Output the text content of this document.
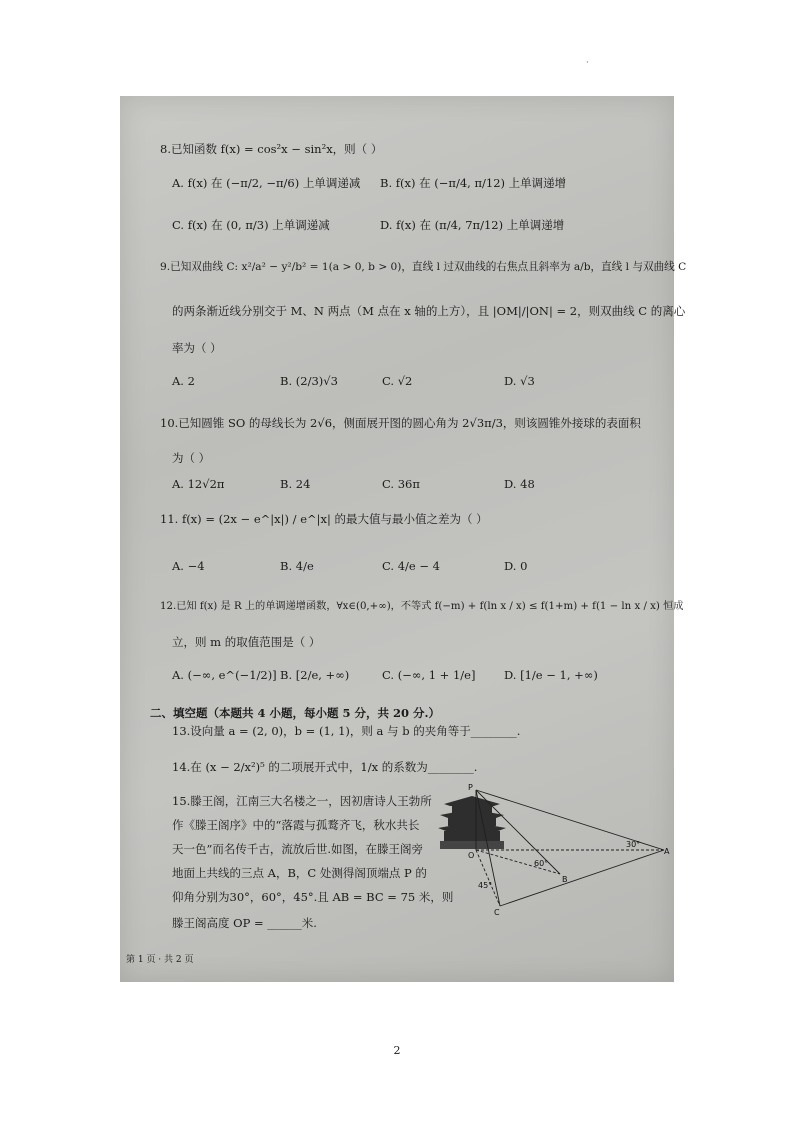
·
8.已知函数 f(x) = cos²x − sin²x，则（ ）
A. f(x) 在 (−π/2, −π/6) 上单调递减 B. f(x) 在 (−π/4, π/12) 上单调递增
C. f(x) 在 (0, π/3) 上单调递减	D. f(x) 在 (π/4, 7π/12) 上单调递增
9.已知双曲线 C: x²/a² − y²/b² = 1(a > 0, b > 0)，直线 l 过双曲线的右焦点且斜率为 a/b，直线 l 与双曲线 C
的两条渐近线分别交于 M、N 两点（M 点在 x 轴的上方），且 |OM|/|ON| = 2，则双曲线 C 的离心
率为（ ）
A. 2	B. (2/3)√3	C. √2	D. √3
10.已知圆锥 SO 的母线长为 2√6，侧面展开图的圆心角为 2√3π/3，则该圆锥外接球的表面积
为（ ）
A. 12√2π	B. 24	C. 36π	D. 48
11. f(x) = (2x − e^|x|) / e^|x| 的最大值与最小值之差为（ ）
A. −4	B. 4/e	C. 4/e − 4	D. 0
12.已知 f(x) 是 R 上的单调递增函数，∀x∈(0,+∞)，不等式 f(−m) + f(ln x / x) ≤ f(1+m) + f(1 − ln x / x) 恒成
立，则 m 的取值范围是（ ）
A. (−∞, e^(−1/2)] B. [2/e, +∞)	C. (−∞, 1 + 1/e] D. [1/e − 1, +∞)
二、填空题（本题共 4 小题，每小题 5 分，共 20 分.）
13.设向量 a = (2, 0)，b = (1, 1)，则 a 与 b 的夹角等于________.
14.在 (x − 2/x²)⁵ 的二项展开式中，1/x 的系数为________.
15.滕王阁，江南三大名楼之一，因初唐诗人王勃所
作《滕王阁序》中的“落霞与孤鹜齐飞，秋水共长
天一色”而名传千古，流放后世.如图，在滕王阁旁
地面上共线的三点 A，B，C 处测得阁顶端点 P 的
仰角分别为30°，60°，45°.且 AB = BC = 75 米，则
滕王阁高度 OP = ______米.
P
O	A
B
C
30°
60°
45°
第 1 页 · 共 2 页
2
